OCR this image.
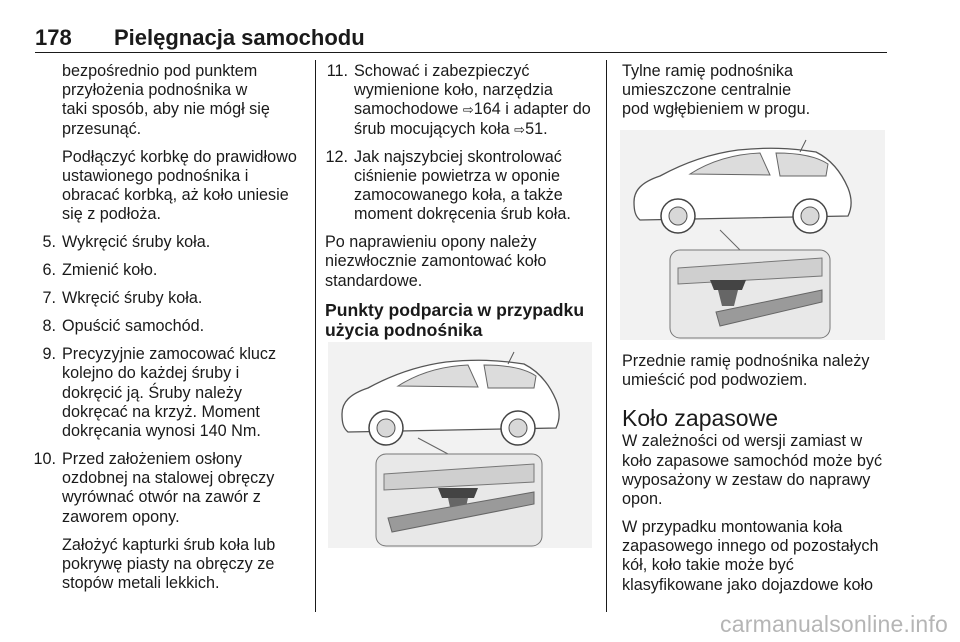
178 Pielęgnacja samochodu

bezpośrednio pod punktem przyłożenia podnośnika w taki sposób, aby nie mógł się przesunąć.

Podłączyć korbkę do prawidłowo ustawionego podnośnika i obracać korbką, aż koło uniesie się z podłoża.

5. Wykręcić śruby koła.
6. Zmienić koło.
7. Wkręcić śruby koła.
8. Opuścić samochód.
9. Precyzyjnie zamocować klucz kolejno do każdej śruby i dokręcić ją. Śruby należy dokręcać na krzyż. Moment dokręcania wynosi 140 Nm.
10. Przed założeniem osłony ozdobnej na stalowej obręczy wyrównać otwór na zawór z zaworem opony.

Założyć kapturki śrub koła lub pokrywę piasty na obręczy ze stopów metali lekkich.

11. Schować i zabezpieczyć wymienione koło, narzędzia samochodowe ⇨164 i adapter do śrub mocujących koła ⇨51.
12. Jak najszybciej skontrolować ciśnienie powietrza w oponie zamocowanego koła, a także moment dokręcenia śrub koła.

Po naprawieniu opony należy niezwłocznie zamontować koło standardowe.

Punkty podparcia w przypadku użycia podnośnika

Tylne ramię podnośnika umieszczone centralnie pod wgłębieniem w progu.

Przednie ramię podnośnika należy umieścić pod podwoziem.

Koło zapasowe

W zależności od wersji zamiast w koło zapasowe samochód może być wyposażony w zestaw do naprawy opon.

W przypadku montowania koła zapasowego innego od pozostałych kół, koło takie może być klasyfikowane jako dojazdowe koło

carmanualsonline.info
